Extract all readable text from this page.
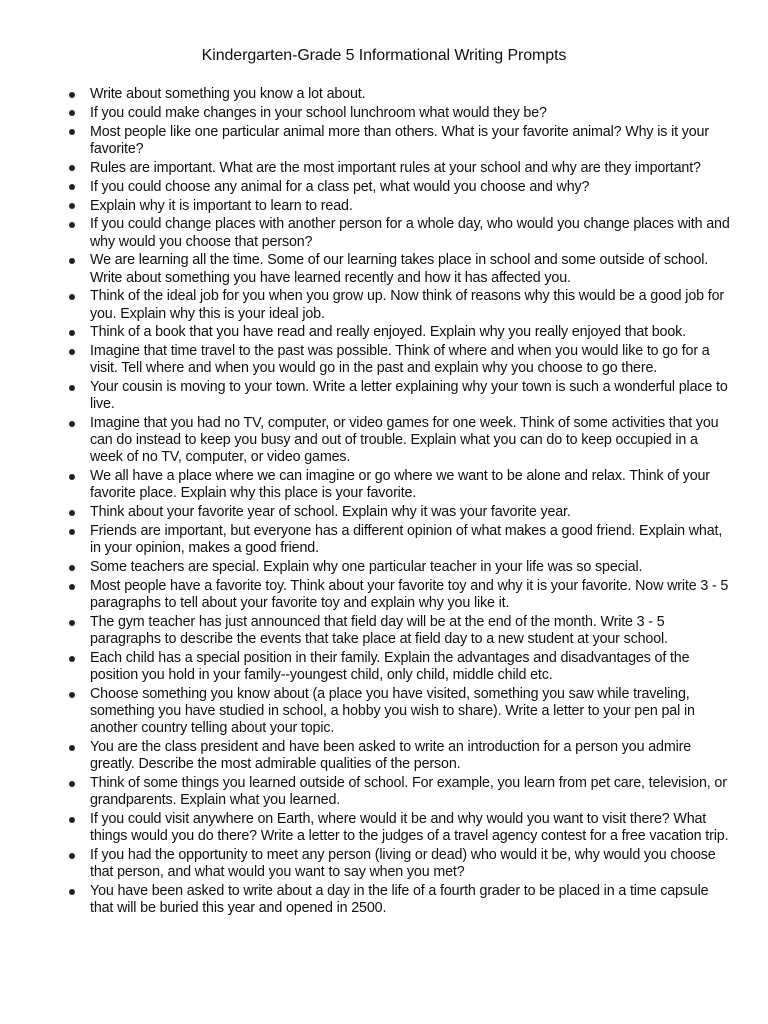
Kindergarten-Grade 5 Informational Writing Prompts
Write about something you know a lot about.
If you could make changes in your school lunchroom what would they be?
Most people like one particular animal more than others. What is your favorite animal? Why is it your favorite?
Rules are important. What are the most important rules at your school and why are they important?
If you could choose any animal for a class pet, what would you choose and why?
Explain why it is important to learn to read.
If you could change places with another person for a whole day, who would you change places with and why would you choose that person?
We are learning all the time. Some of our learning takes place in school and some outside of school. Write about something you have learned recently and how it has affected you.
Think of the ideal job for you when you grow up. Now think of reasons why this would be a good job for you. Explain why this is your ideal job.
Think of a book that you have read and really enjoyed. Explain why you really enjoyed that book.
Imagine that time travel to the past was possible. Think of where and when you would like to go for a visit. Tell where and when you would go in the past and explain why you choose to go there.
Your cousin is moving to your town. Write a letter explaining why your town is such a wonderful place to live.
Imagine that you had no TV, computer, or video games for one week. Think of some activities that you can do instead to keep you busy and out of trouble. Explain what you can do to keep occupied in a week of no TV, computer, or video games.
We all have a place where we can imagine or go where we want to be alone and relax. Think of your favorite place. Explain why this place is your favorite.
Think about your favorite year of school. Explain why it was your favorite year.
Friends are important, but everyone has a different opinion of what makes a good friend. Explain what, in your opinion, makes a good friend.
Some teachers are special. Explain why one particular teacher in your life was so special.
Most people have a favorite toy. Think about your favorite toy and why it is your favorite. Now write 3 - 5 paragraphs to tell about your favorite toy and explain why you like it.
The gym teacher has just announced that field day will be at the end of the month. Write 3 - 5 paragraphs to describe the events that take place at field day to a new student at your school.
Each child has a special position in their family. Explain the advantages and disadvantages of the position you hold in your family--youngest child, only child, middle child etc.
Choose something you know about (a place you have visited, something you saw while traveling, something you have studied in school, a hobby you wish to share). Write a letter to your pen pal in another country telling about your topic.
You are the class president and have been asked to write an introduction for a person you admire greatly. Describe the most admirable qualities of the person.
Think of some things you learned outside of school. For example, you learn from pet care, television, or grandparents. Explain what you learned.
If you could visit anywhere on Earth, where would it be and why would you want to visit there? What things would you do there? Write a letter to the judges of a travel agency contest for a free vacation trip.
If you had the opportunity to meet any person (living or dead) who would it be, why would you choose that person, and what would you want to say when you met?
You have been asked to write about a day in the life of a fourth grader to be placed in a time capsule that will be buried this year and opened in 2500.
